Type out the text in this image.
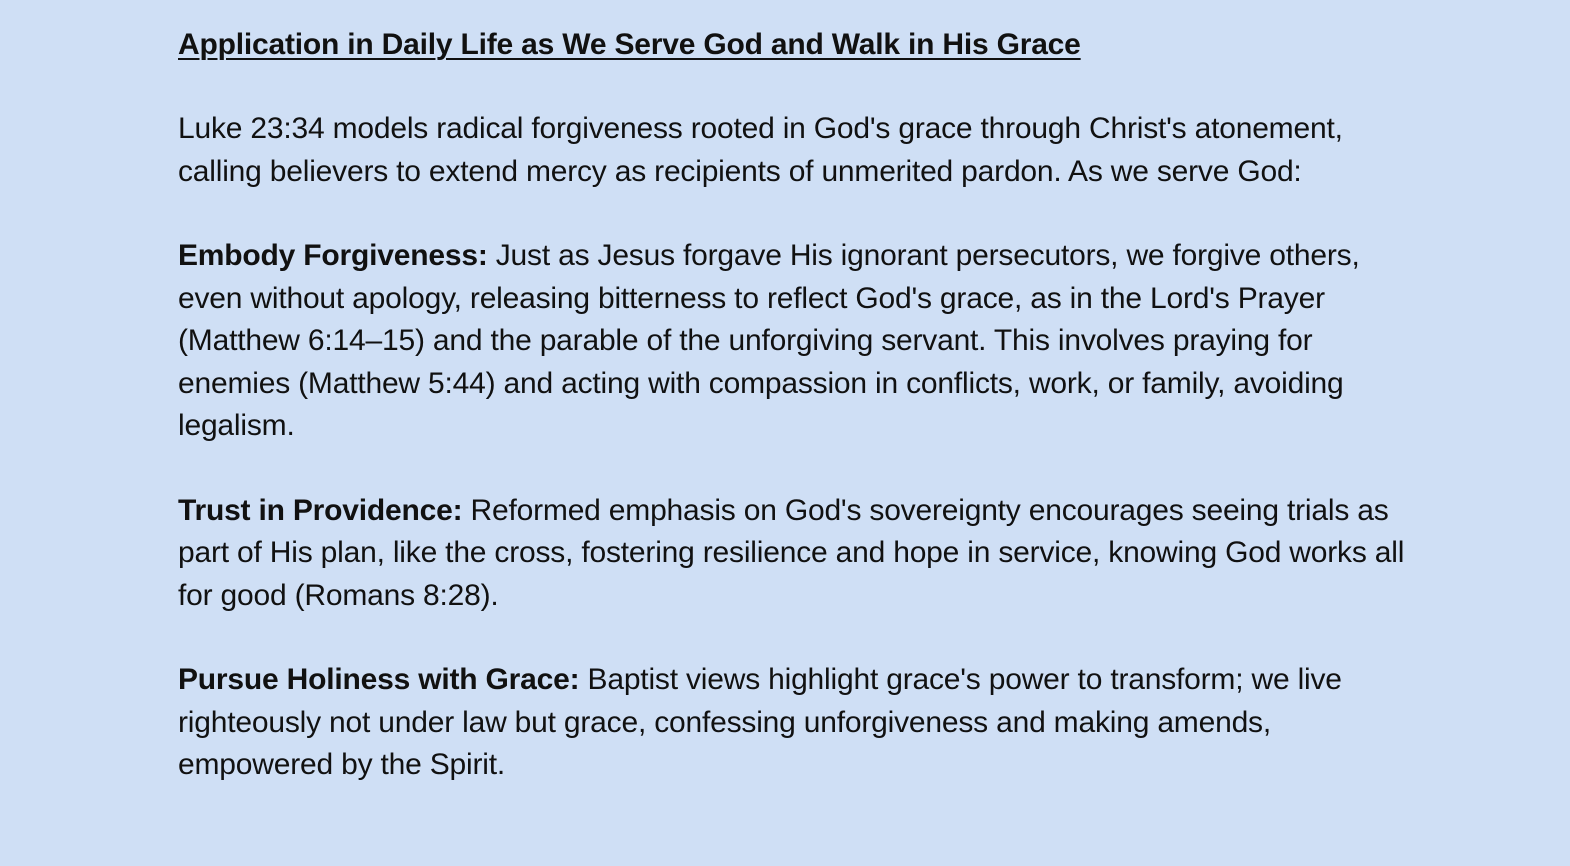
Application in Daily Life as We Serve God and Walk in His Grace

Luke 23:34 models radical forgiveness rooted in God's grace through Christ's atonement, calling believers to extend mercy as recipients of unmerited pardon. As we serve God:

Embody Forgiveness: Just as Jesus forgave His ignorant persecutors, we forgive others, even without apology, releasing bitterness to reflect God's grace, as in the Lord's Prayer (Matthew 6:14–15) and the parable of the unforgiving servant. This involves praying for enemies (Matthew 5:44) and acting with compassion in conflicts, work, or family, avoiding legalism.

Trust in Providence: Reformed emphasis on God's sovereignty encourages seeing trials as part of His plan, like the cross, fostering resilience and hope in service, knowing God works all for good (Romans 8:28).

Pursue Holiness with Grace: Baptist views highlight grace's power to transform; we live righteously not under law but grace, confessing unforgiveness and making amends, empowered by the Spirit.
